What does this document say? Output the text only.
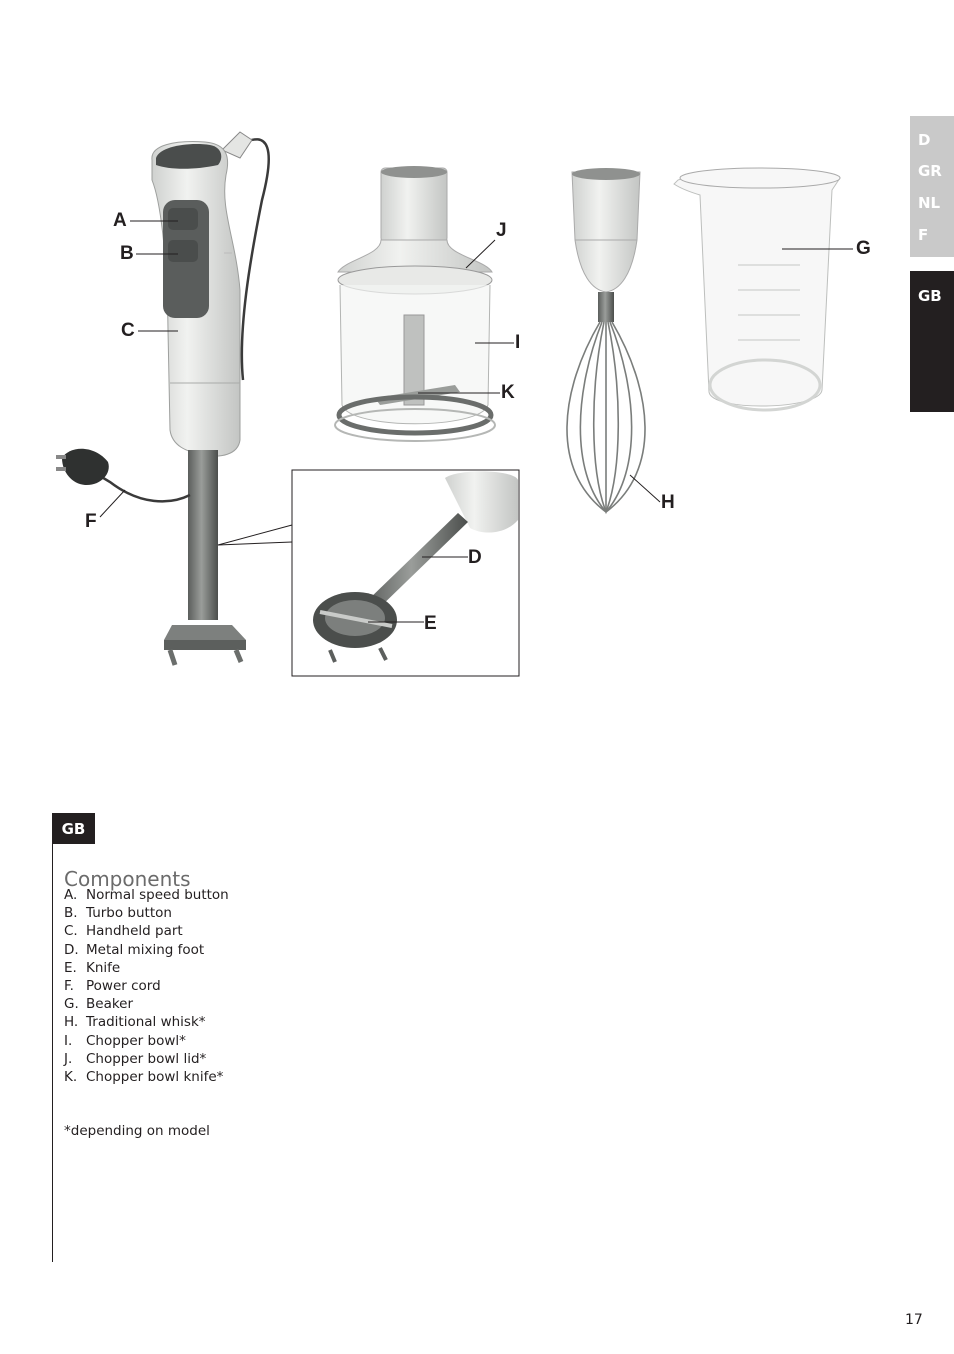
D
GR
NL
F
GB
A
B
C
F
D
E
G
H
I
J
K
GB
Components
A. Normal speed button
B. Turbo button
C. Handheld part
D. Metal mixing foot
E. Knife
F. Power cord
G. Beaker
H. Traditional whisk*
I. Chopper bowl*
J. Chopper bowl lid*
K. Chopper bowl knife*
*depending on model
17
